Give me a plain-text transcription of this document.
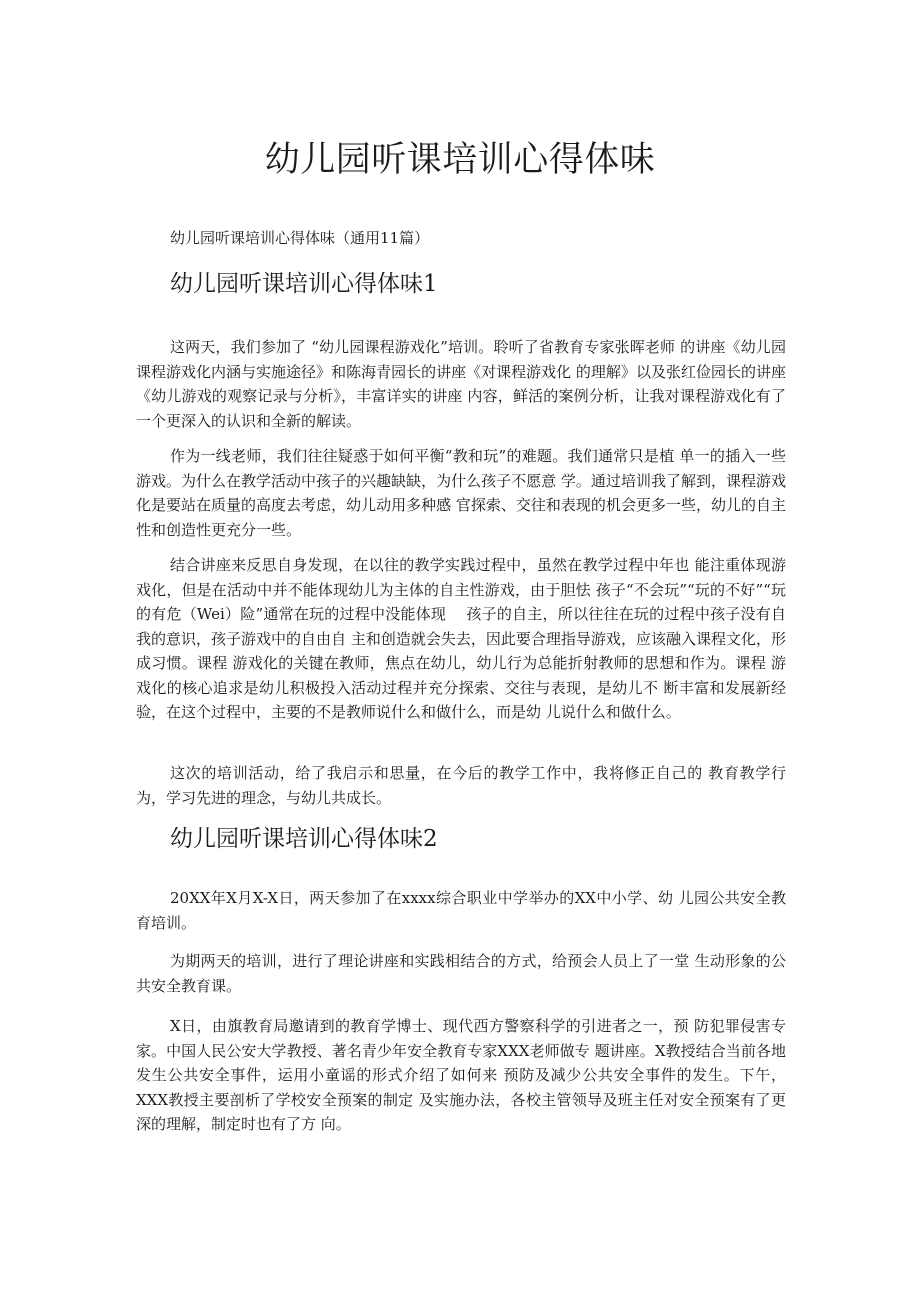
幼儿园听课培训心得体味

幼儿园听课培训心得体味（通用11篇）

幼儿园听课培训心得体味1

这两天，我们参加了 “幼儿园课程游戏化”培训。聆听了省教育专家张晖老师 的讲座《幼儿园课程游戏化内涵与实施途径》和陈海青园长的讲座《对课程游戏化 的理解》以及张红俭园长的讲座《幼儿游戏的观察记录与分析》，丰富详实的讲座 内容，鲜活的案例分析，让我对课程游戏化有了一个更深入的认识和全新的解读。

作为一线老师，我们往往疑惑于如何平衡“教和玩”的难题。我们通常只是植 单一的插入一些游戏。为什么在教学活动中孩子的兴趣缺缺，为什么孩子不愿意 学。通过培训我了解到，课程游戏化是要站在质量的高度去考虑，幼儿动用多种感 官探索、交往和表现的机会更多一些，幼儿的自主性和创造性更充分一些。

结合讲座来反思自身发现，在以往的教学实践过程中，虽然在教学过程中年也 能注重体现游戏化，但是在活动中并不能体现幼儿为主体的自主性游戏，由于胆怯 孩子“不会玩”“玩的不好”“玩的有危（Wei）险”通常在玩的过程中没能体现 　孩子的自主，所以往往在玩的过程中孩子没有自我的意识，孩子游戏中的自由自 主和创造就会失去，因此要合理指导游戏，应该融入课程文化，形成习惯。课程 游戏化的关键在教师，焦点在幼儿，幼儿行为总能折射教师的思想和作为。课程 游戏化的核心追求是幼儿积极投入活动过程并充分探索、交往与表现，是幼儿不 断丰富和发展新经验，在这个过程中，主要的不是教师说什么和做什么，而是幼 儿说什么和做什么。

这次的培训活动，给了我启示和思量，在今后的教学工作中，我将修正自己的 教育教学行为，学习先进的理念，与幼儿共成长。

幼儿园听课培训心得体味2

20XX年X月X-X日，两天参加了在xxxx综合职业中学举办的XX中小学、幼 儿园公共安全教育培训。

为期两天的培训，进行了理论讲座和实践相结合的方式，给预会人员上了一堂 生动形象的公共安全教育课。

X日，由旗教育局邀请到的教育学博士、现代西方警察科学的引进者之一，预 防犯罪侵害专家。中国人民公安大学教授、著名青少年安全教育专家XXX老师做专 题讲座。X教授结合当前各地发生公共安全事件，运用小童谣的形式介绍了如何来 预防及减少公共安全事件的发生。下午，XXX教授主要剖析了学校安全预案的制定 及实施办法，各校主管领导及班主任对安全预案有了更深的理解，制定时也有了方 向。
